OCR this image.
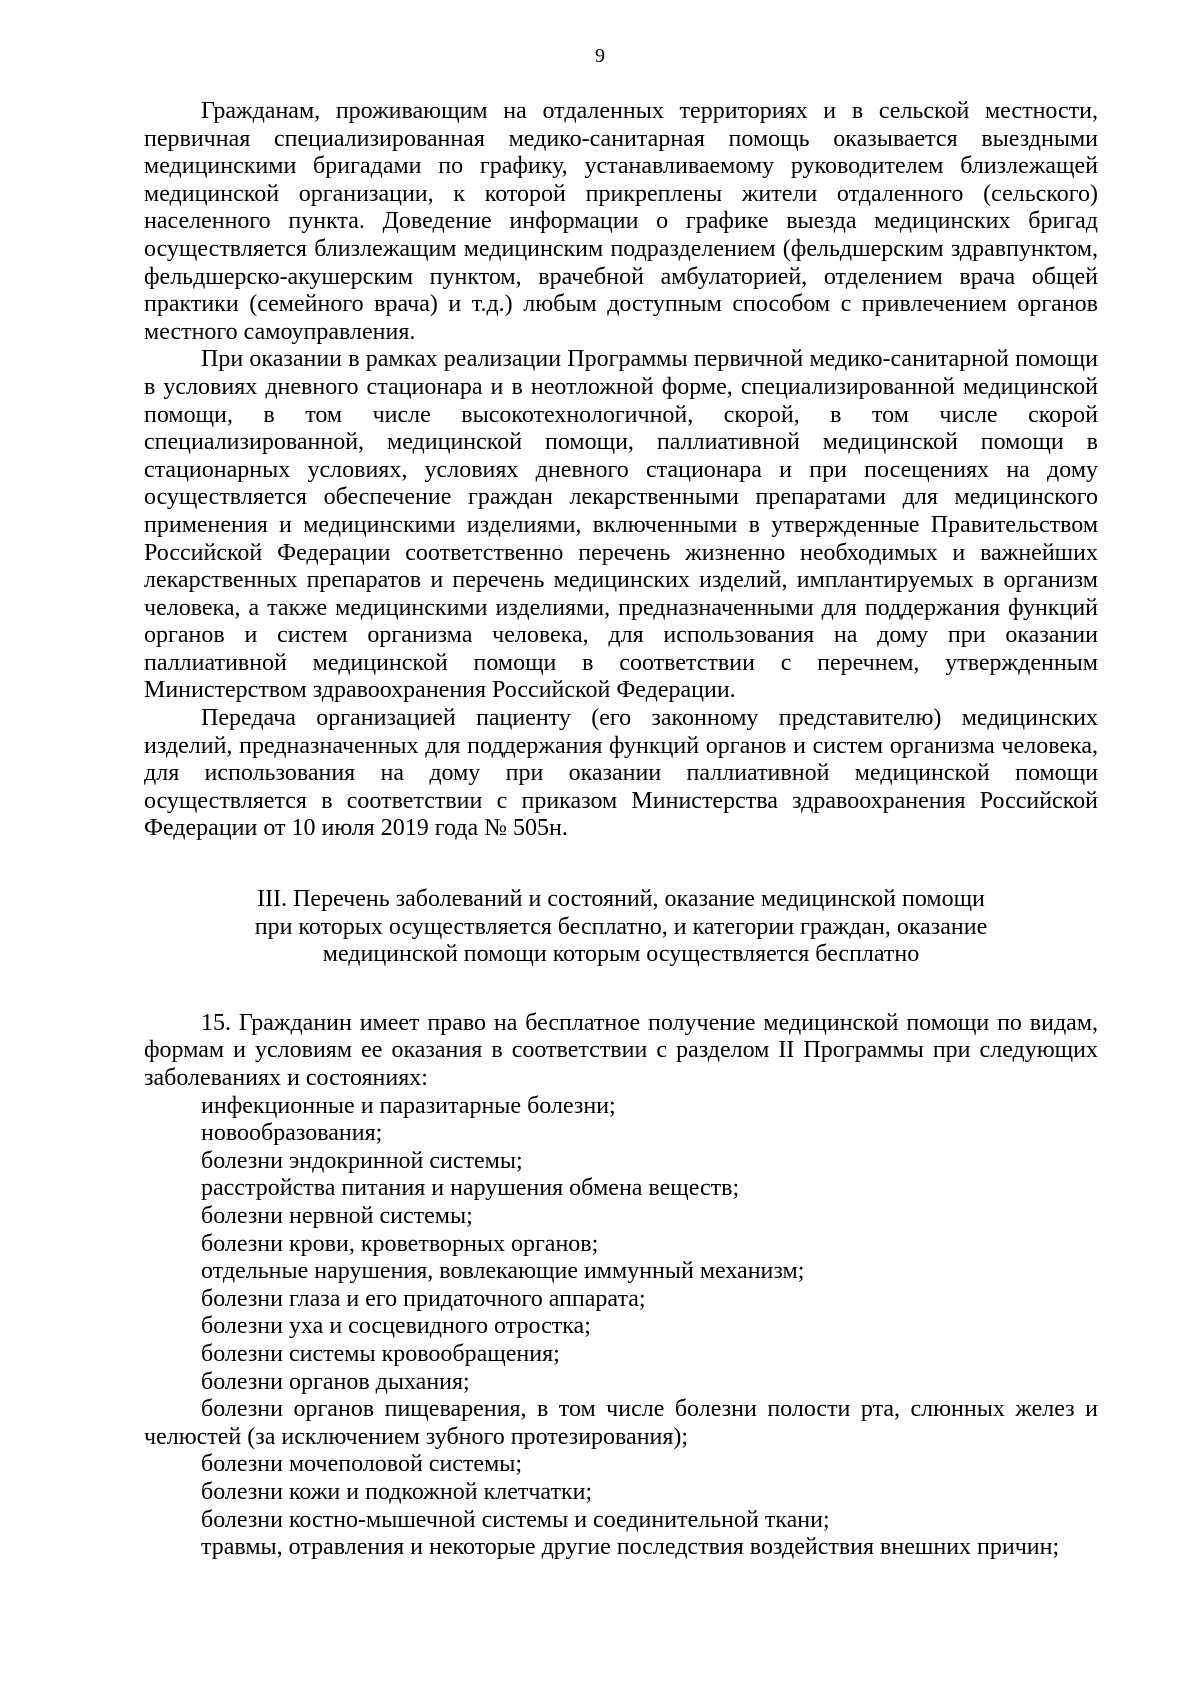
9

Гражданам, проживающим на отдаленных территориях и в сельской местности, первичная специализированная медико-санитарная помощь оказывается выездными медицинскими бригадами по графику, устанавливаемому руководителем близлежащей медицинской организации, к которой прикреплены жители отдаленного (сельского) населенного пункта. Доведение информации о графике выезда медицинских бригад осуществляется близлежащим медицинским подразделением (фельдшерским здравпунктом, фельдшерско-акушерским пунктом, врачебной амбулаторией, отделением врача общей практики (семейного врача) и т.д.) любым доступным способом с привлечением органов местного самоуправления.

При оказании в рамках реализации Программы первичной медико-санитарной помощи в условиях дневного стационара и в неотложной форме, специализированной медицинской помощи, в том числе высокотехнологичной, скорой, в том числе скорой специализированной, медицинской помощи, паллиативной медицинской помощи в стационарных условиях, условиях дневного стационара и при посещениях на дому осуществляется обеспечение граждан лекарственными препаратами для медицинского применения и медицинскими изделиями, включенными в утвержденные Правительством Российской Федерации соответственно перечень жизненно необходимых и важнейших лекарственных препаратов и перечень медицинских изделий, имплантируемых в организм человека, а также медицинскими изделиями, предназначенными для поддержания функций органов и систем организма человека, для использования на дому при оказании паллиативной медицинской помощи в соответствии с перечнем, утвержденным Министерством здравоохранения Российской Федерации.

Передача организацией пациенту (его законному представителю) медицинских изделий, предназначенных для поддержания функций органов и систем организма человека, для использования на дому при оказании паллиативной медицинской помощи осуществляется в соответствии с приказом Министерства здравоохранения Российской Федерации от 10 июля 2019 года № 505н.

III. Перечень заболеваний и состояний, оказание медицинской помощи
при которых осуществляется бесплатно, и категории граждан, оказание
медицинской помощи которым осуществляется бесплатно

15. Гражданин имеет право на бесплатное получение медицинской помощи по видам, формам и условиям ее оказания в соответствии с разделом II Программы при следующих заболеваниях и состояниях:

инфекционные и паразитарные болезни;
новообразования;
болезни эндокринной системы;
расстройства питания и нарушения обмена веществ;
болезни нервной системы;
болезни крови, кроветворных органов;
отдельные нарушения, вовлекающие иммунный механизм;
болезни глаза и его придаточного аппарата;
болезни уха и сосцевидного отростка;
болезни системы кровообращения;
болезни органов дыхания;
болезни органов пищеварения, в том числе болезни полости рта, слюнных желез и челюстей (за исключением зубного протезирования);
болезни мочеполовой системы;
болезни кожи и подкожной клетчатки;
болезни костно-мышечной системы и соединительной ткани;
травмы, отравления и некоторые другие последствия воздействия внешних причин;
